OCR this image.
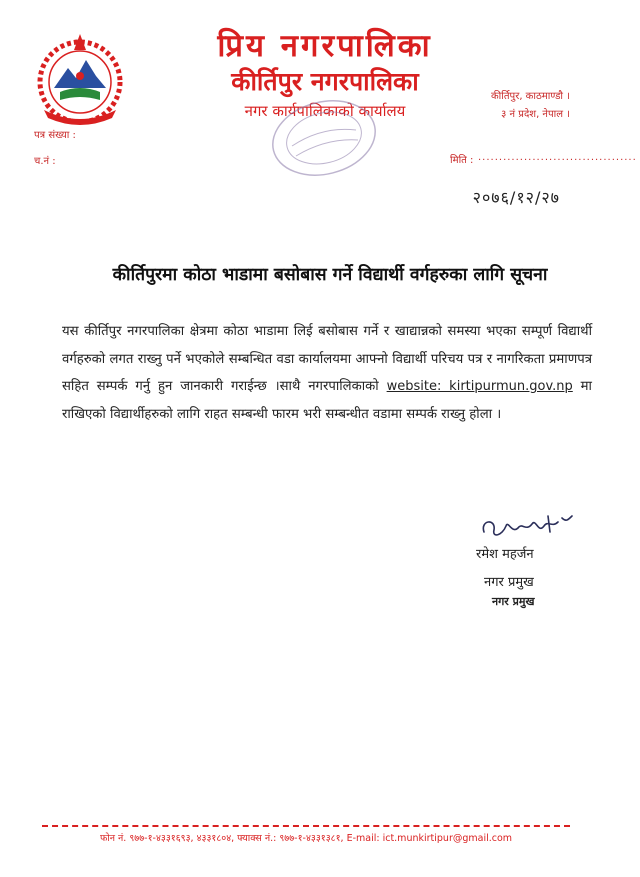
प्रिय नगरपालिका
कीर्तिपुर नगरपालिका
नगर कार्यपालिकाको कार्यालय
कीर्तिपुर, काठमाण्डौ ।
३ नं प्रदेश, नेपाल ।
पत्र संख्या :
च.नं :	मिति : ......................................
२०७६/१२/२७
कीर्तिपुरमा कोठा भाडामा बसोबास गर्ने विद्यार्थी वर्गहरुका लागि सूचना
यस कीर्तिपुर नगरपालिका क्षेत्रमा कोठा भाडामा लिई बसोबास गर्ने र खाद्यान्नको समस्या भएका सम्पूर्ण विद्यार्थी वर्गहरुको लगत राख्नु पर्ने भएकोले सम्बन्धित वडा कार्यालयमा आफ्नो विद्यार्थी परिचय पत्र र नागरिकता प्रमाणपत्र सहित सम्पर्क गर्नु हुन जानकारी गराईन्छ ।साथै नगरपालिकाको website: kirtipurmun.gov.np मा राखिएको विद्यार्थीहरुको लागि राहत सम्बन्धी फारम भरी सम्बन्धीत वडामा सम्पर्क राख्नु होला ।
रमेश महर्जन
नगर प्रमुख
नगर प्रमुख
फोन नं. ९७७-१-४३३१६९३, ४३३१८०४, फ्याक्स नं.: ९७७-१-४३३१३८१, E-mail: ict.munkirtipur@gmail.com
